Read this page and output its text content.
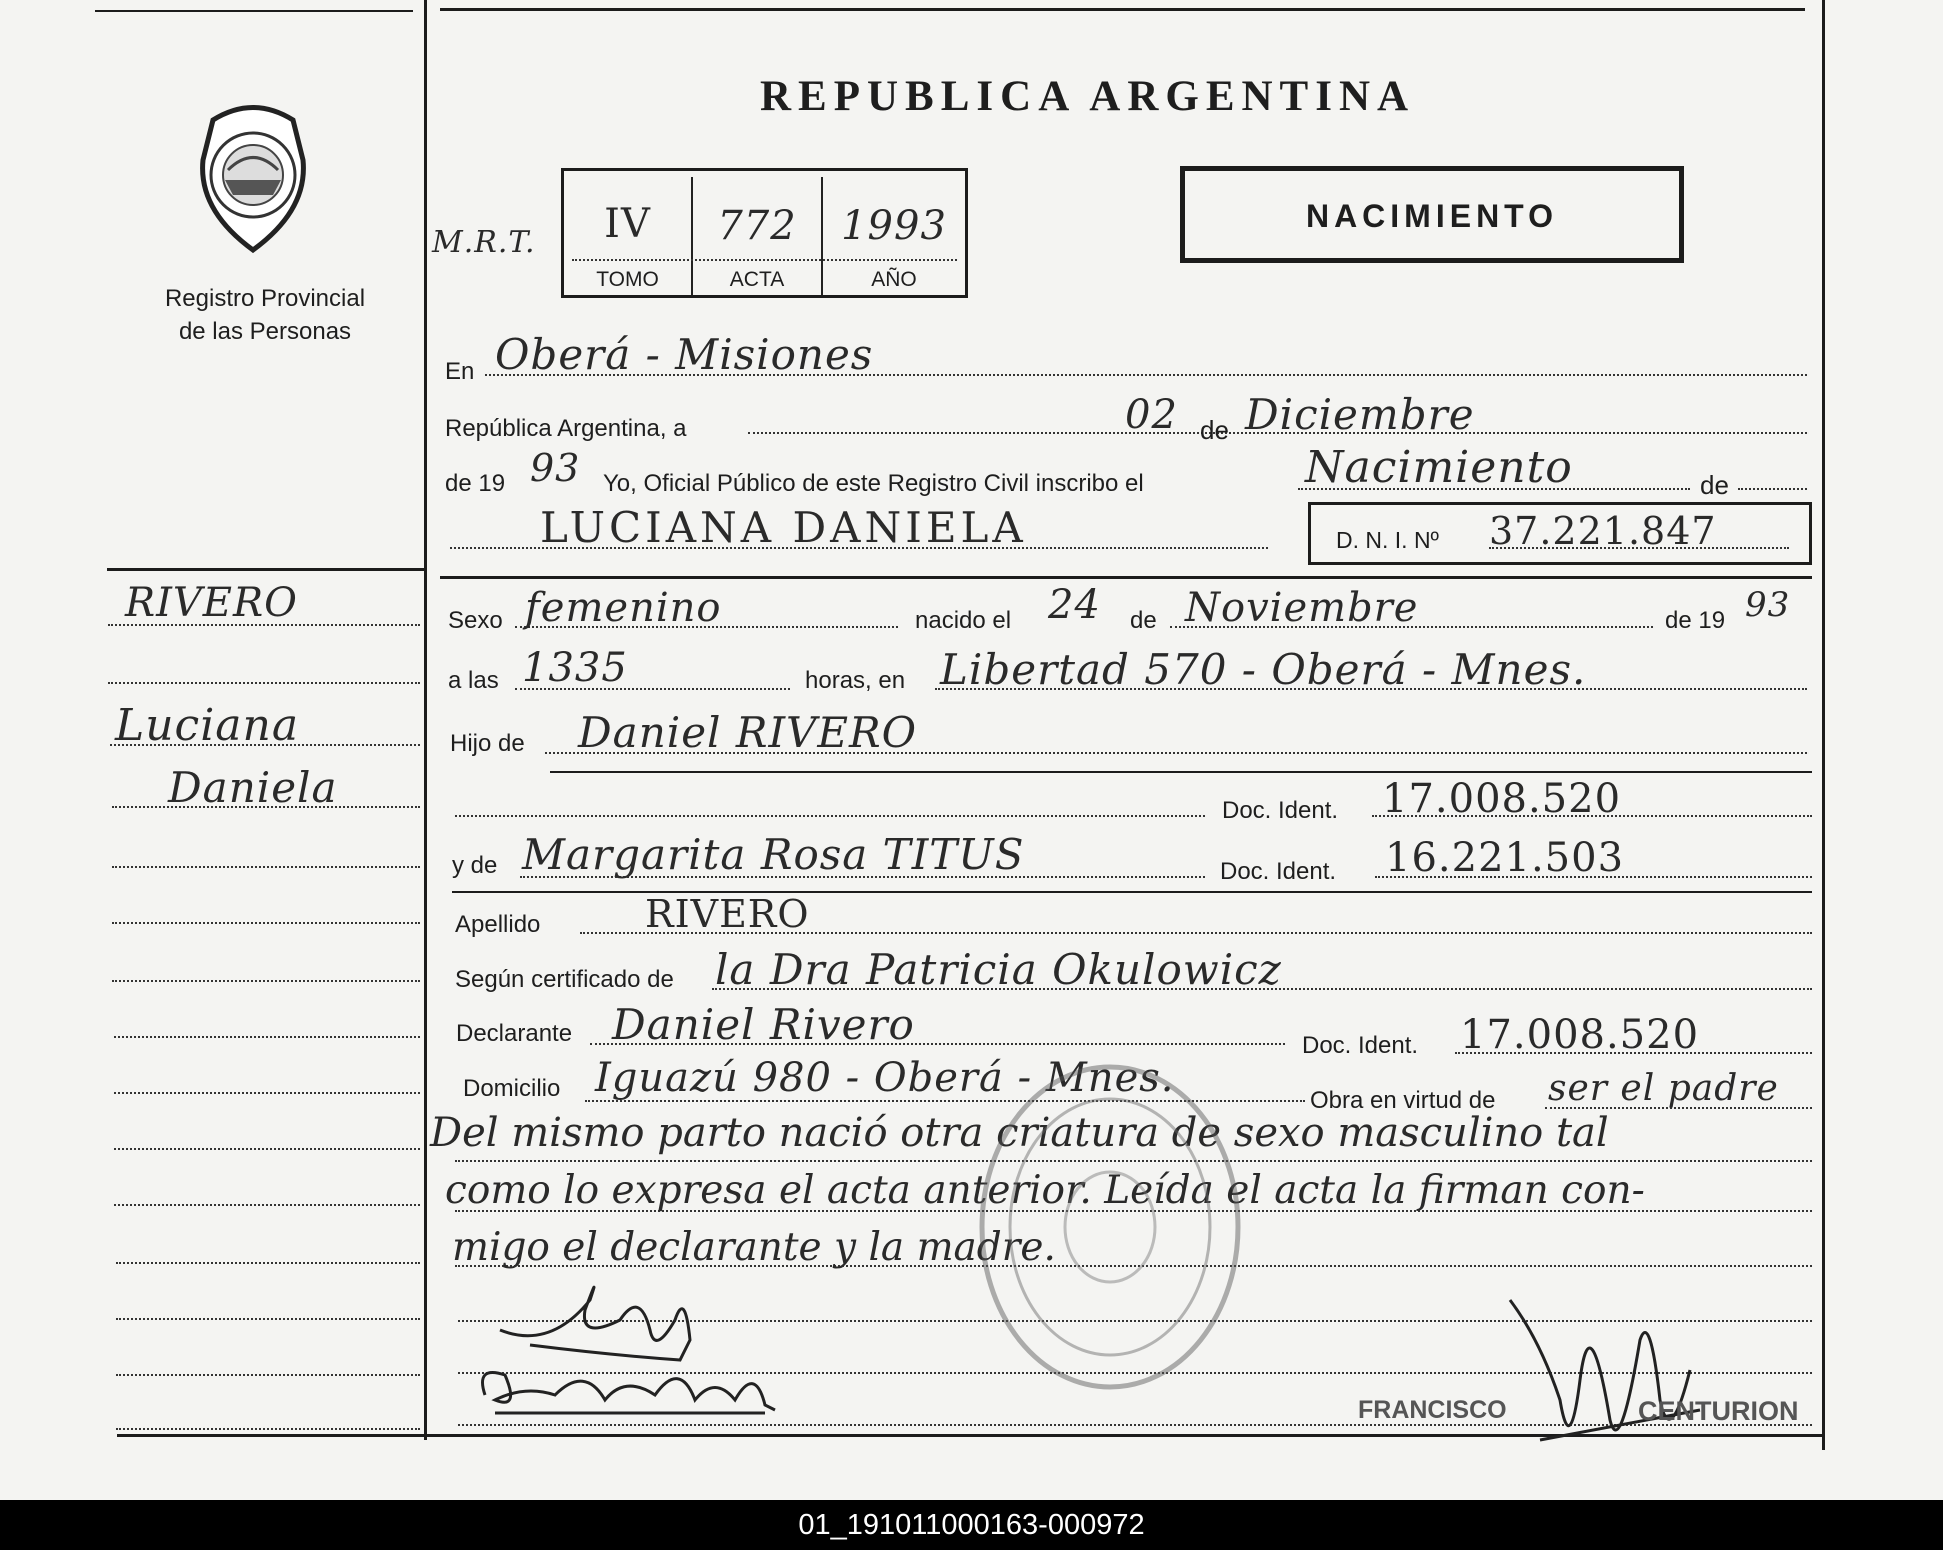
Registro Provincial
de las Personas
RIVERO
Luciana
Daniela
REPUBLICA ARGENTINA
M.R.T.	IV	772	1993
TOMO	ACTA	AÑO
NACIMIENTO
En Oberá - Misiones
República Argentina, a	02 de Diciembre
de 19 93 Yo, Oficial Público de este Registro Civil inscribo el	Nacimiento	de
LUCIANA DANIELA	D. N. I. Nº 37.221.847
Sexo femenino	nacido el 24 de Noviembre	de 19 93
a las 1335	horas, en Libertad 570 - Oberá - Mnes.
Hijo de Daniel RIVERO
Doc. Ident. 17.008.520
y de Margarita Rosa TITUS	Doc. Ident. 16.221.503
Apellido	RIVERO
Según certificado de la Dra Patricia Okulowicz
Declarante Daniel Rivero	Doc. Ident. 17.008.520
Domicilio Iguazú 980 - Oberá - Mnes.	Obra en virtud de ser el padre
Del mismo parto nació otra criatura de sexo masculino tal
como lo expresa el acta anterior. Leída el acta la firman con-
migo el declarante y la madre.
FRANCISCO	CENTURION
01_191011000163-000972
